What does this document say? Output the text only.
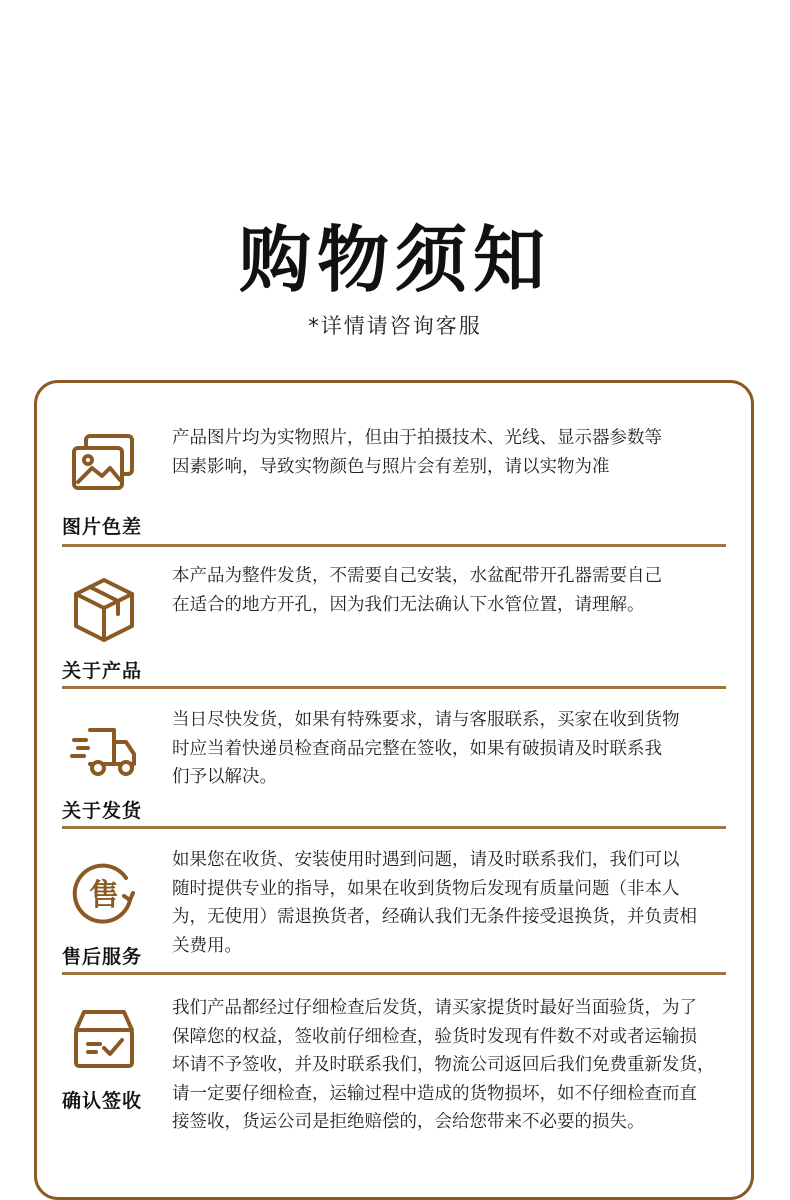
购物须知
*详情请咨询客服
图片色差

产品图片均为实物照片，但由于拍摄技术、光线、显示器参数等
因素影响，导致实物颜色与照片会有差别，请以实物为准

关于产品

本产品为整件发货，不需要自己安装，水盆配带开孔器需要自己
在适合的地方开孔，因为我们无法确认下水管位置，请理解。

关于发货

当日尽快发货，如果有特殊要求，请与客服联系，买家在收到货物
时应当着快递员检查商品完整在签收，如果有破损请及时联系我
们予以解决。

售
售后服务

如果您在收货、安装使用时遇到问题，请及时联系我们，我们可以
随时提供专业的指导，如果在收到货物后发现有质量问题（非本人
为，无使用）需退换货者，经确认我们无条件接受退换货，并负责相
关费用。

确认签收

我们产品都经过仔细检查后发货，请买家提货时最好当面验货，为了
保障您的权益，签收前仔细检查，验货时发现有件数不对或者运输损
坏请不予签收，并及时联系我们，物流公司返回后我们免费重新发货，
请一定要仔细检查，运输过程中造成的货物损坏，如不仔细检查而直
接签收，货运公司是拒绝赔偿的，会给您带来不必要的损失。
